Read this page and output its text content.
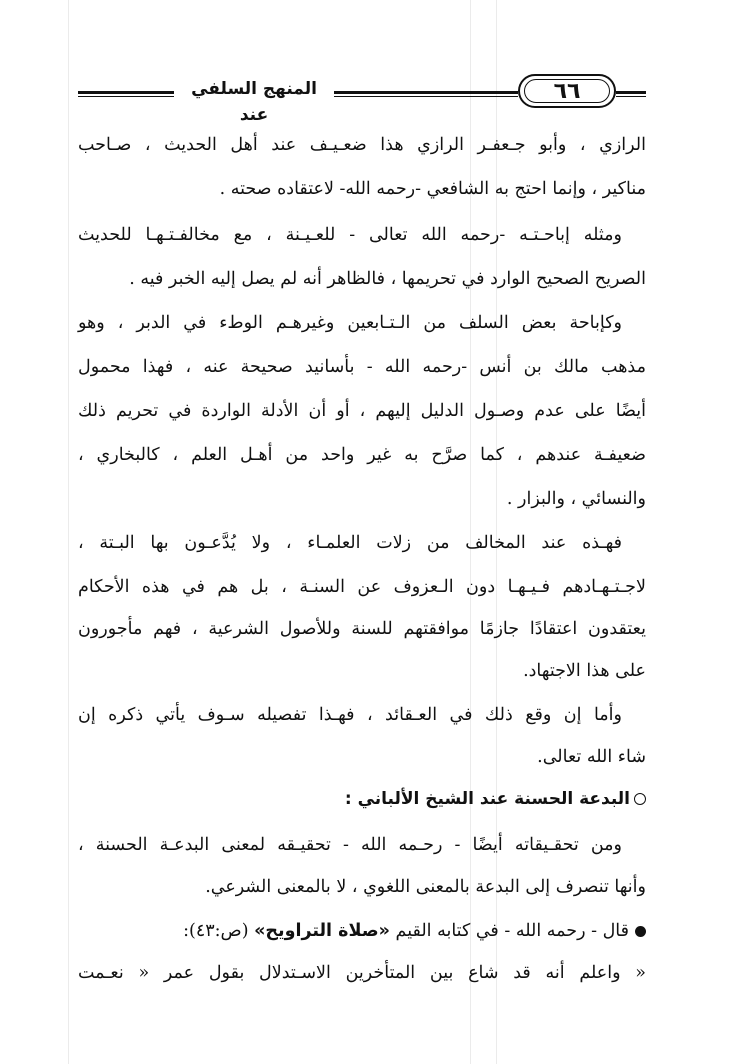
المنهج السلفي عند
٦٦
الرازي ، وأبو جـعفـر الرازي هذا ضعـيـف عند أهل الحديث ، صـاحب
مناكير ، وإنما احتج به الشافعي -رحمه الله- لاعتقاده صحته .
ومثله إباحـتـه -رحمه الله تعالى - للعـيـنة ، مع مخالفـتـهـا للحديث
الصريح الصحيح الوارد في تحريمها ، فالظاهر أنه لم يصل إليه الخبر فيه .
وكإباحة بعض السلف من الـتـابعين وغيرهـم الوطء في الدبر ، وهو
مذهب مالك بن أنس -رحمه الله - بأسانيد صحيحة عنه ، فهذا محمول
أيضًا على عدم وصـول الدليل إليهم ، أو أن الأدلة الواردة في تحريم ذلك
ضعيفـة عندهم ، كما صرَّح به غير واحد من أهـل العلم ، كالبخاري ،
والنسائي ، والبزار .
فهـذه عند المخالف من زلات العلمـاء ، ولا يُدَّعـون بها البـتة ،
لاجـتـهـادهم فـيـهـا دون الـعزوف عن السنـة ، بل هم في هذه الأحكام
يعتقدون اعتقادًا جازمًا موافقتهم للسنة وللأصول الشرعية ، فهم مأجورون
على هذا الاجتهاد.
وأما إن وقع ذلك في العـقائد ، فهـذا تفصيله سـوف يأتي ذكره إن
شاء الله تعالى.
البدعة الحسنة عند الشيخ الألباني :
ومن تحقـيقاته أيضًا - رحـمه الله - تحقيـقه لمعنى البدعـة الحسنة ،
وأنها تنصرف إلى البدعة بالمعنى اللغوي ، لا بالمعنى الشرعي.
قال - رحمه الله - في كتابه القيم «صلاة التراويح» (ص:٤٣):
« واعلم أنه قد شاع بين المتأخرين الاسـتدلال بقول عمر « نعـمت
